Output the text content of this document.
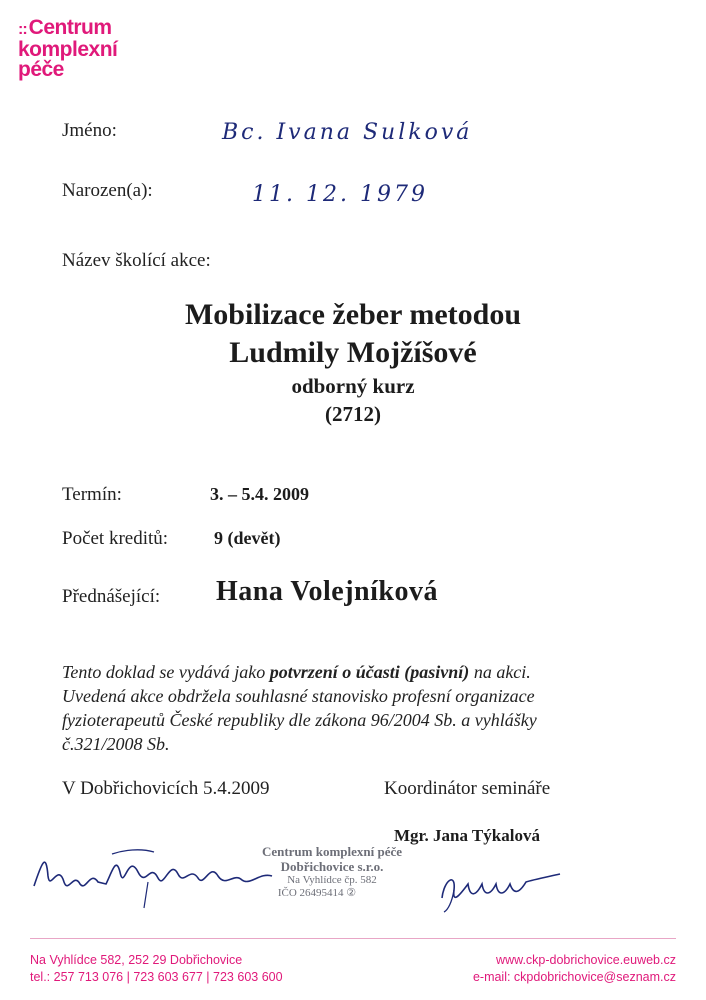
::Centrum
komplexní
péče
Jméno:	Bc. Ivana Sulková
Narozen(a):	11. 12. 1979
Název školící akce:
Mobilizace žeber metodou
Ludmily Mojžíšové
odborný kurz
(2712)
Termín:	3. – 5.4. 2009
Počet kreditů:	9 (devět)
Přednášející: Hana Volejníková
Tento doklad se vydává jako potvrzení o účasti (pasivní) na akci.
Uvedená akce obdržela souhlasné stanovisko profesní organizace
fyzioterapeutů České republiky dle zákona 96/2004 Sb. a vyhlášky
č.321/2008 Sb.
V Dobřichovicích 5.4.2009	Koordinátor semináře
Mgr. Jana Týkalová
Centrum komplexní péče
Dobřichovice s.r.o.
Na Vyhlídce čp. 582
IČO 26495414 ②
Na Vyhlídce 582, 252 29 Dobřichovice
tel.: 257 713 076 | 723 603 677 | 723 603 600
www.ckp-dobrichovice.euweb.cz
e-mail: ckpdobrichovice@seznam.cz
